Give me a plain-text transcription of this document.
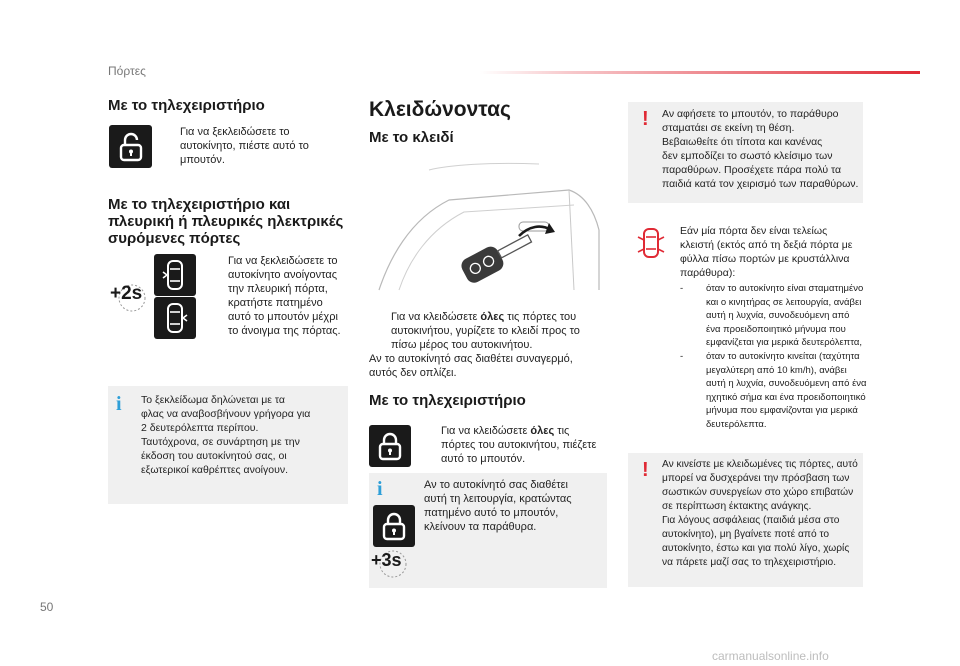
Πόρτες
Με το τηλεχειριστήριο
Για να ξεκλειδώσετε το
αυτοκίνητο, πιέστε αυτό το
μπουτόν.
Με το τηλεχειριστήριο και
πλευρική ή πλευρικές ηλεκτρικές
συρόμενες πόρτες
+2s
Για να ξεκλειδώσετε το
αυτοκίνητο ανοίγοντας
την πλευρική πόρτα,
κρατήστε πατημένο
αυτό το μπουτόν μέχρι
το άνοιγμα της πόρτας.
i Το ξεκλείδωμα δηλώνεται με τα
φλας να αναβοσβήνουν γρήγορα για
2 δευτερόλεπτα περίπου.
Ταυτόχρονα, σε συνάρτηση με την
έκδοση του αυτοκίνητού σας, οι
εξωτερικοί καθρέπτες ανοίγουν.
Κλειδώνοντας
Με το κλειδί
Για να κλειδώσετε όλες τις πόρτες του
αυτοκινήτου, γυρίζετε το κλειδί προς το
πίσω μέρος του αυτοκινήτου.
Αν το αυτοκίνητό σας διαθέτει συναγερμό,
αυτός δεν οπλίζει.
Με το τηλεχειριστήριο
Για να κλειδώσετε όλες τις
πόρτες του αυτοκινήτου, πιέζετε
αυτό το μπουτόν.
i
+3s
Αν το αυτοκίνητό σας διαθέτει
αυτή τη λειτουργία, κρατώντας
πατημένο αυτό το μπουτόν,
κλείνουν τα παράθυρα.
! Αν αφήσετε το μπουτόν, το παράθυρο
σταματάει σε εκείνη τη θέση.
Βεβαιωθείτε ότι τίποτα και κανένας
δεν εμποδίζει το σωστό κλείσιμο των
παραθύρων. Προσέχετε πάρα πολύ τα
παιδιά κατά τον χειρισμό των παραθύρων.
Εάν μία πόρτα δεν είναι τελείως
κλειστή (εκτός από τη δεξιά πόρτα με
φύλλα πίσω πορτών με κρυστάλλινα
παράθυρα):
- όταν το αυτοκίνητο είναι σταματημένο
και ο κινητήρας σε λειτουργία, ανάβει
αυτή η λυχνία, συνοδευόμενη από
ένα προειδοποιητικό μήνυμα που
εμφανίζεται για μερικά δευτερόλεπτα,
- όταν το αυτοκίνητο κινείται (ταχύτητα
μεγαλύτερη από 10 km/h), ανάβει
αυτή η λυχνία, συνοδευόμενη από ένα
ηχητικό σήμα και ένα προειδοποιητικό
μήνυμα που εμφανίζονται για μερικά
δευτερόλεπτα.
! Αν κινείστε με κλειδωμένες τις πόρτες, αυτό
μπορεί να δυσχεράνει την πρόσβαση των
σωστικών συνεργείων στο χώρο επιβατών
σε περίπτωση έκτακτης ανάγκης.
Για λόγους ασφάλειας (παιδιά μέσα στο
αυτοκίνητο), μη βγαίνετε ποτέ από το
αυτοκίνητο, έστω και για πολύ λίγο, χωρίς
να πάρετε μαζί σας το τηλεχειριστήριο.
50
carmanualsonline.info
